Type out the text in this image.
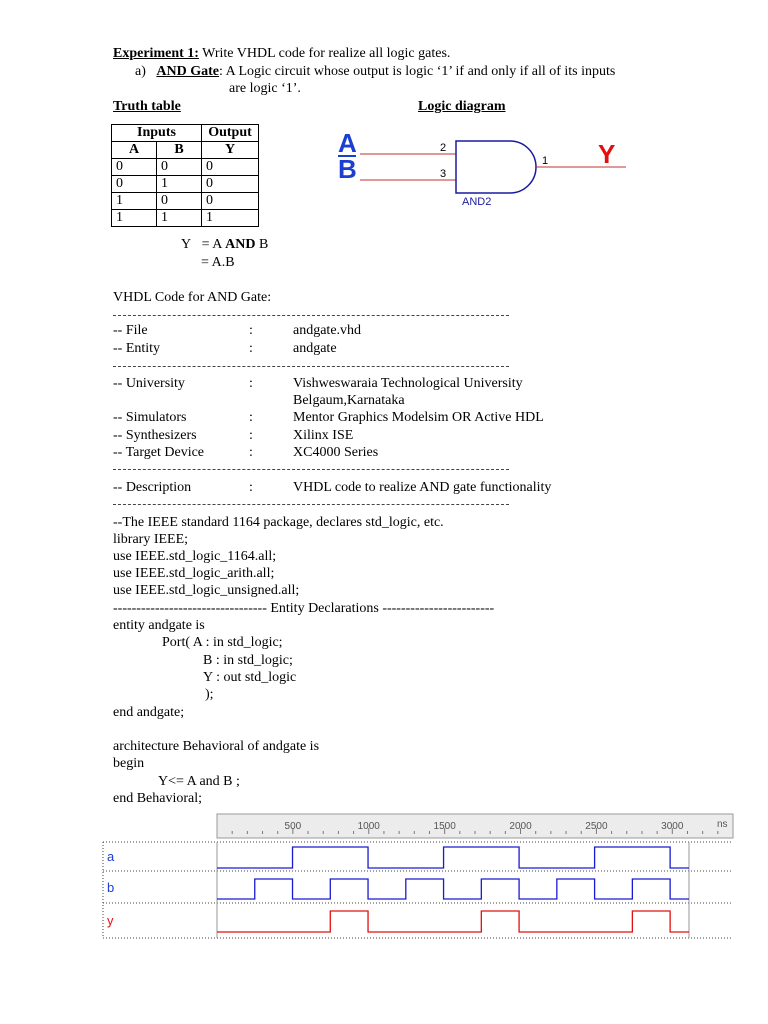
Experiment 1: Write VHDL code for realize all logic gates.
a) AND Gate: A Logic circuit whose output is logic ‘1’ if and only if all of its inputs
are logic ‘1’.
Truth table	Logic diagram
Inputs		Output
A	B	Y
0	0	0
0	1	0
1	0	0
1	1	1
Y = A AND B
= A.B
A
B
2
3
1 Y
AND2
VHDL Code for AND Gate:
-- File	:	andgate.vhd
-- Entity	:	andgate
-- University	:	Vishweswaraia Technological University
Belgaum,Karnataka
-- Simulators	:	Mentor Graphics Modelsim OR Active HDL
-- Synthesizers	:	Xilinx ISE
-- Target Device	:	XC4000 Series
-- Description	:	VHDL code to realize AND gate functionality
--The IEEE standard 1164 package, declares std_logic, etc.
library IEEE;
use IEEE.std_logic_1164.all;
use IEEE.std_logic_arith.all;
use IEEE.std_logic_unsigned.all;
--------------------------------- Entity Declarations ------------------------
entity andgate is
Port( A : in std_logic;
B : in std_logic;
Y : out std_logic
);
end andgate;
architecture Behavioral of andgate is
begin
Y<= A and B ;
end Behavioral;
ns
500	1000	1500	2000	2500	3000
a
b
y
